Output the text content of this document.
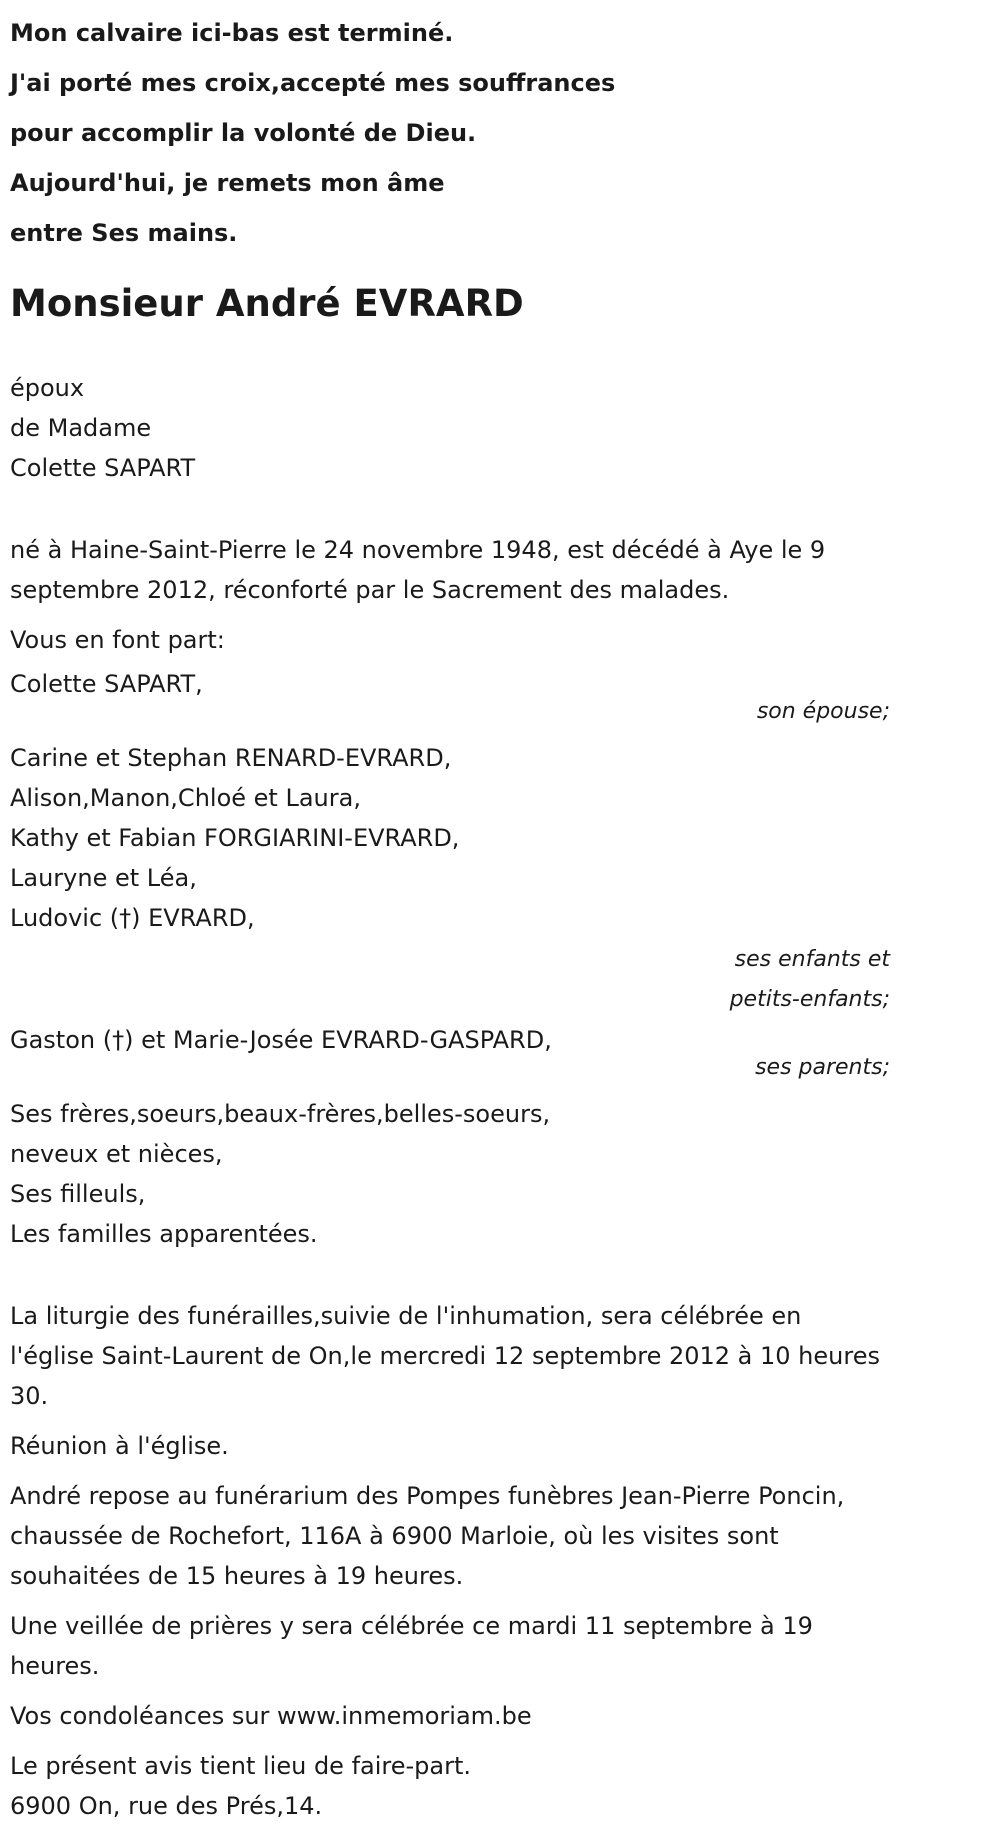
Mon calvaire ici-bas est terminé.

J'ai porté mes croix,accepté mes souffrances

pour accomplir la volonté de Dieu.

Aujourd'hui, je remets mon âme

entre Ses mains.

Monsieur André EVRARD

époux

de Madame

Colette SAPART

né à Haine-Saint-Pierre le 24 novembre 1948, est décédé à Aye le 9 septembre 2012, réconforté par le Sacrement des malades.

Vous en font part:

Colette SAPART,

son épouse;

Carine et Stephan RENARD-EVRARD,

Alison,Manon,Chloé et Laura,

Kathy et Fabian FORGIARINI-EVRARD,

Lauryne et Léa,

Ludovic (†) EVRARD,

ses enfants et

petits-enfants;

Gaston (†) et Marie-Josée EVRARD-GASPARD,

ses parents;

Ses frères,soeurs,beaux-frères,belles-soeurs,

neveux et nièces,

Ses filleuls,

Les familles apparentées.

La liturgie des funérailles,suivie de l'inhumation, sera célébrée en l'église Saint-Laurent de On,le mercredi 12 septembre 2012 à 10 heures 30.

Réunion à l'église.

André repose au funérarium des Pompes funèbres Jean-Pierre Poncin, chaussée de Rochefort, 116A à 6900 Marloie, où les visites sont souhaitées de 15 heures à 19 heures.

Une veillée de prières y sera célébrée ce mardi 11 septembre à 19 heures.

Vos condoléances sur www.inmemoriam.be

Le présent avis tient lieu de faire-part.

6900 On, rue des Prés,14.
